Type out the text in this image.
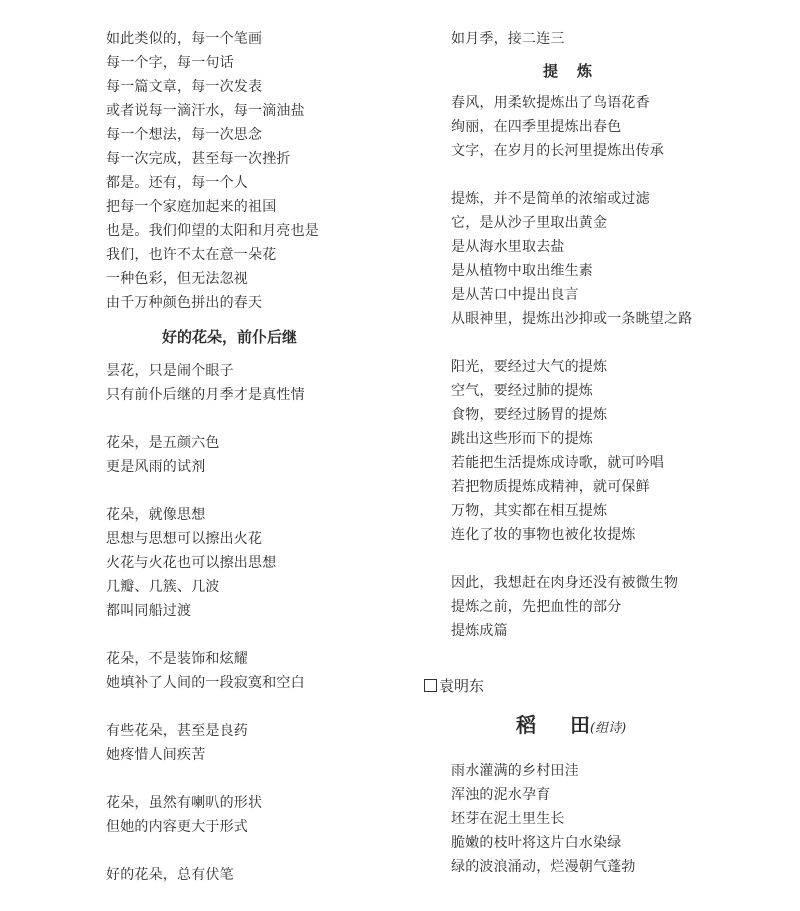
如此类似的，每一个笔画
每一个字，每一句话
每一篇文章，每一次发表
或者说每一滴汗水，每一滴油盐
每一个想法，每一次思念
每一次完成，甚至每一次挫折
都是。还有，每一个人
把每一个家庭加起来的祖国
也是。我们仰望的太阳和月亮也是
我们，也许不太在意一朵花
一种色彩，但无法忽视
由千万种颜色拼出的春天
好的花朵，前仆后继
昙花，只是闹个眼子
只有前仆后继的月季才是真性情
花朵，是五颜六色
更是风雨的试剂
花朵，就像思想
思想与思想可以擦出火花
火花与火花也可以擦出思想
几瓣、几簇、几波
都叫同船过渡
花朵，不是装饰和炫耀
她填补了人间的一段寂寞和空白
有些花朵，甚至是良药
她疼惜人间疾苦
花朵，虽然有喇叭的形状
但她的内容更大于形式
好的花朵，总有伏笔
如月季，接二连三
提　炼
春风，用柔软提炼出了鸟语花香
绚丽，在四季里提炼出春色
文字，在岁月的长河里提炼出传承
提炼，并不是简单的浓缩或过滤
它，是从沙子里取出黄金
是从海水里取去盐
是从植物中取出维生素
是从苦口中提出良言
从眼神里，提炼出沙抑或一条眺望之路
阳光，要经过大气的提炼
空气，要经过肺的提炼
食物，要经过肠胃的提炼
跳出这些形而下的提炼
若能把生活提炼成诗歌，就可吟唱
若把物质提炼成精神，就可保鲜
万物，其实都在相互提炼
连化了妆的事物也被化妆提炼
因此，我想赶在肉身还没有被微生物
提炼之前，先把血性的部分
提炼成篇
袁明东
稻 田(组诗)
雨水灌满的乡村田洼
浑浊的泥水孕育
坯芽在泥土里生长
脆嫩的枝叶将这片白水染绿
绿的波浪涌动，烂漫朝气蓬勃
